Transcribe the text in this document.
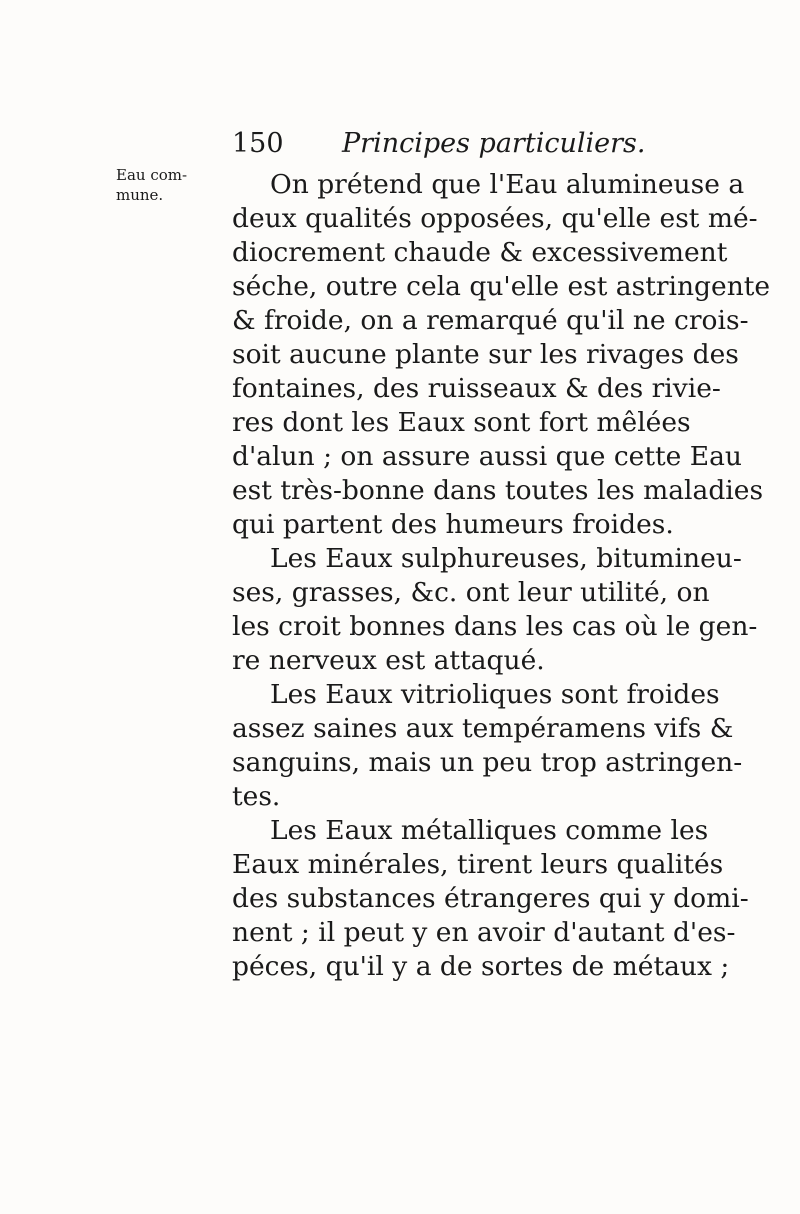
150 Principes particuliers.
Eau com-
mune.	On prétend que l'Eau alumineuse a
deux qualités opposées, qu'elle est mé-
diocrement chaude & excessivement
séche, outre cela qu'elle est astringente
& froide, on a remarqué qu'il ne crois-
soit aucune plante sur les rivages des
fontaines, des ruisseaux & des rivie-
res dont les Eaux sont fort mêlées
d'alun ; on assure aussi que cette Eau
est très-bonne dans toutes les maladies
qui partent des humeurs froides.
Les Eaux sulphureuses, bitumineu-
ses, grasses, &c. ont leur utilité, on
les croit bonnes dans les cas où le gen-
re nerveux est attaqué.
Les Eaux vitrioliques sont froides
assez saines aux tempéramens vifs &
sanguins, mais un peu trop astringen-
tes.
Les Eaux métalliques comme les
Eaux minérales, tirent leurs qualités
des substances étrangeres qui y domi-
nent ; il peut y en avoir d'autant d'es-
péces, qu'il y a de sortes de métaux ;
